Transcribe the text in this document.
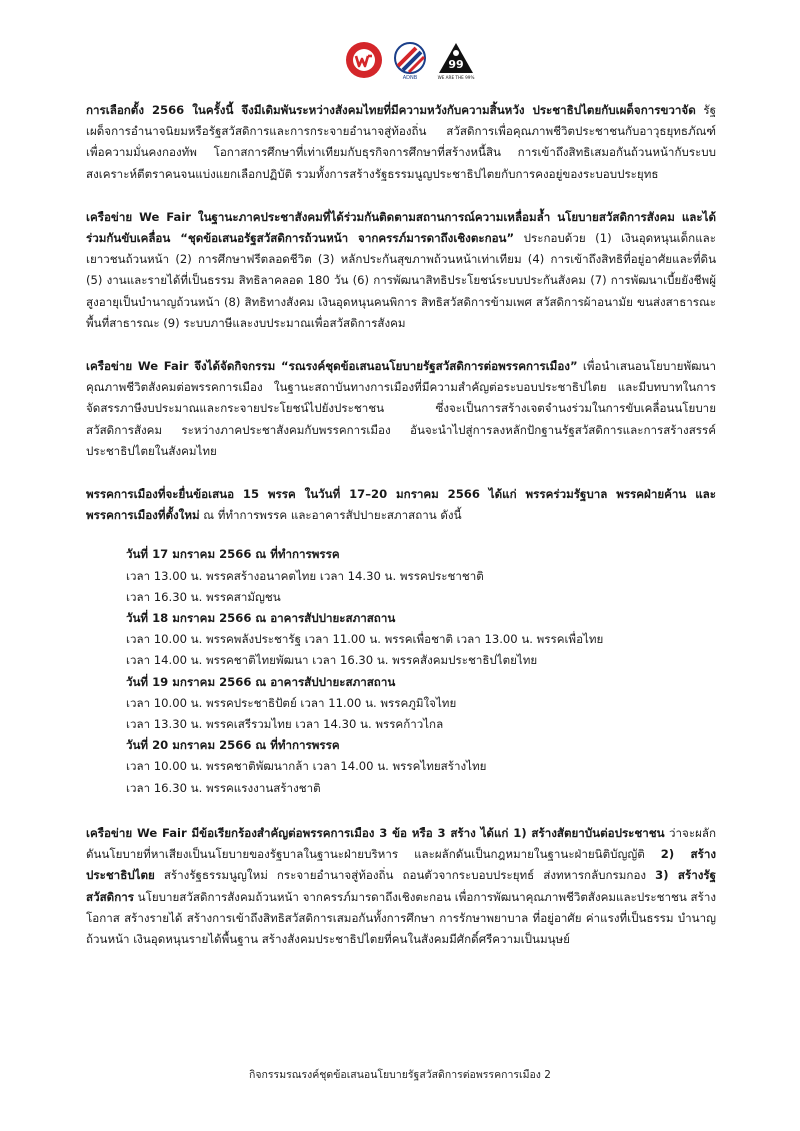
ADNB
99
WE ARE THE 99%

การเลือกตั้ง 2566 ในครั้งนี้ จึงมีเดิมพันระหว่างสังคมไทยที่มีความหวังกับความสิ้นหวัง ประชาธิปไตยกับเผด็จการขวาจัด รัฐเผด็จการอำนาจนิยมหรือรัฐสวัสดิการและการกระจายอำนาจสู่ท้องถิ่น สวัสดิการเพื่อคุณภาพชีวิตประชาชนกับอาวุธยุทธภัณฑ์เพื่อความมั่นคงกองทัพ โอกาสการศึกษาที่เท่าเทียมกับธุรกิจการศึกษาที่สร้างหนี้สิน การเข้าถึงสิทธิเสมอกันถ้วนหน้ากับระบบสงเคราะห์ตีตราคนจนแบ่งแยกเลือกปฏิบัติ รวมทั้งการสร้างรัฐธรรมนูญประชาธิปไตยกับการคงอยู่ของระบอบประยุทธ

เครือข่าย We Fair ในฐานะภาคประชาสังคมที่ได้ร่วมกันติดตามสถานการณ์ความเหลื่อมล้ำ นโยบายสวัสดิการสังคม และได้ร่วมกันขับเคลื่อน “ชุดข้อเสนอรัฐสวัสดิการถ้วนหน้า จากครรภ์มารดาถึงเชิงตะกอน” ประกอบด้วย (1) เงินอุดหนุนเด็กและเยาวชนถ้วนหน้า (2) การศึกษาฟรีตลอดชีวิต (3) หลักประกันสุขภาพถ้วนหน้าเท่าเทียม (4) การเข้าถึงสิทธิที่อยู่อาศัยและที่ดิน (5) งานและรายได้ที่เป็นธรรม สิทธิลาคลอด 180 วัน (6) การพัฒนาสิทธิประโยชน์ระบบประกันสังคม (7) การพัฒนาเบี้ยยังชีพผู้สูงอายุเป็นบำนาญถ้วนหน้า (8) สิทธิทางสังคม เงินอุดหนุนคนพิการ สิทธิสวัสดิการข้ามเพศ สวัสดิการผ้าอนามัย ขนส่งสาธารณะ พื้นที่สาธารณะ (9) ระบบภาษีและงบประมาณเพื่อสวัสดิการสังคม

เครือข่าย We Fair จึงได้จัดกิจกรรม “รณรงค์ชุดข้อเสนอนโยบายรัฐสวัสดิการต่อพรรคการเมือง” เพื่อนำเสนอนโยบายพัฒนาคุณภาพชีวิตสังคมต่อพรรคการเมือง ในฐานะสถาบันทางการเมืองที่มีความสำคัญต่อระบอบประชาธิปไตย และมีบทบาทในการจัดสรรภาษีงบประมาณและกระจายประโยชน์ไปยังประชาชน ซึ่งจะเป็นการสร้างเจตจำนงร่วมในการขับเคลื่อนนโยบายสวัสดิการสังคม ระหว่างภาคประชาสังคมกับพรรคการเมือง อันจะนำไปสู่การลงหลักปักฐานรัฐสวัสดิการและการสร้างสรรค์ประชาธิปไตยในสังคมไทย

พรรคการเมืองที่จะยื่นข้อเสนอ 15 พรรค ในวันที่ 17–20 มกราคม 2566 ได้แก่ พรรคร่วมรัฐบาล พรรคฝ่ายค้าน และพรรคการเมืองที่ตั้งใหม่ ณ ที่ทำการพรรค และอาคารสัปปายะสภาสถาน ดังนี้

วันที่ 17 มกราคม 2566 ณ ที่ทำการพรรค
เวลา 13.00 น. พรรคสร้างอนาคตไทย เวลา 14.30 น. พรรคประชาชาติ
เวลา 16.30 น. พรรคสามัญชน
วันที่ 18 มกราคม 2566 ณ อาคารสัปปายะสภาสถาน
เวลา 10.00 น. พรรคพลังประชารัฐ เวลา 11.00 น. พรรคเพื่อชาติ เวลา 13.00 น. พรรคเพื่อไทย
เวลา 14.00 น. พรรคชาติไทยพัฒนา เวลา 16.30 น. พรรคสังคมประชาธิปไตยไทย
วันที่ 19 มกราคม 2566 ณ อาคารสัปปายะสภาสถาน
เวลา 10.00 น. พรรคประชาธิปัตย์ เวลา 11.00 น. พรรคภูมิใจไทย
เวลา 13.30 น. พรรคเสรีรวมไทย เวลา 14.30 น. พรรคก้าวไกล
วันที่ 20 มกราคม 2566 ณ ที่ทำการพรรค
เวลา 10.00 น. พรรคชาติพัฒนากล้า เวลา 14.00 น. พรรคไทยสร้างไทย
เวลา 16.30 น. พรรคแรงงานสร้างชาติ

เครือข่าย We Fair มีข้อเรียกร้องสำคัญต่อพรรคการเมือง 3 ข้อ หรือ 3 สร้าง ได้แก่ 1) สร้างสัตยาบันต่อประชาชน ว่าจะผลักดันนโยบายที่หาเสียงเป็นนโยบายของรัฐบาลในฐานะฝ่ายบริหาร และผลักดันเป็นกฎหมายในฐานะฝ่ายนิติบัญญัติ 2) สร้างประชาธิปไตย สร้างรัฐธรรมนูญใหม่ กระจายอำนาจสู่ท้องถิ่น ถอนตัวจากระบอบประยุทธ์ ส่งทหารกลับกรมกอง 3) สร้างรัฐสวัสดิการ นโยบายสวัสดิการสังคมถ้วนหน้า จากครรภ์มารดาถึงเชิงตะกอน เพื่อการพัฒนาคุณภาพชีวิตสังคมและประชาชน สร้างโอกาส สร้างรายได้ สร้างการเข้าถึงสิทธิสวัสดิการเสมอกันทั้งการศึกษา การรักษาพยาบาล ที่อยู่อาศัย ค่าแรงที่เป็นธรรม บำนาญถ้วนหน้า เงินอุดหนุนรายได้พื้นฐาน สร้างสังคมประชาธิปไตยที่คนในสังคมมีศักดิ์ศรีความเป็นมนุษย์

กิจกรรมรณรงค์ชุดข้อเสนอนโยบายรัฐสวัสดิการต่อพรรคการเมือง 2
